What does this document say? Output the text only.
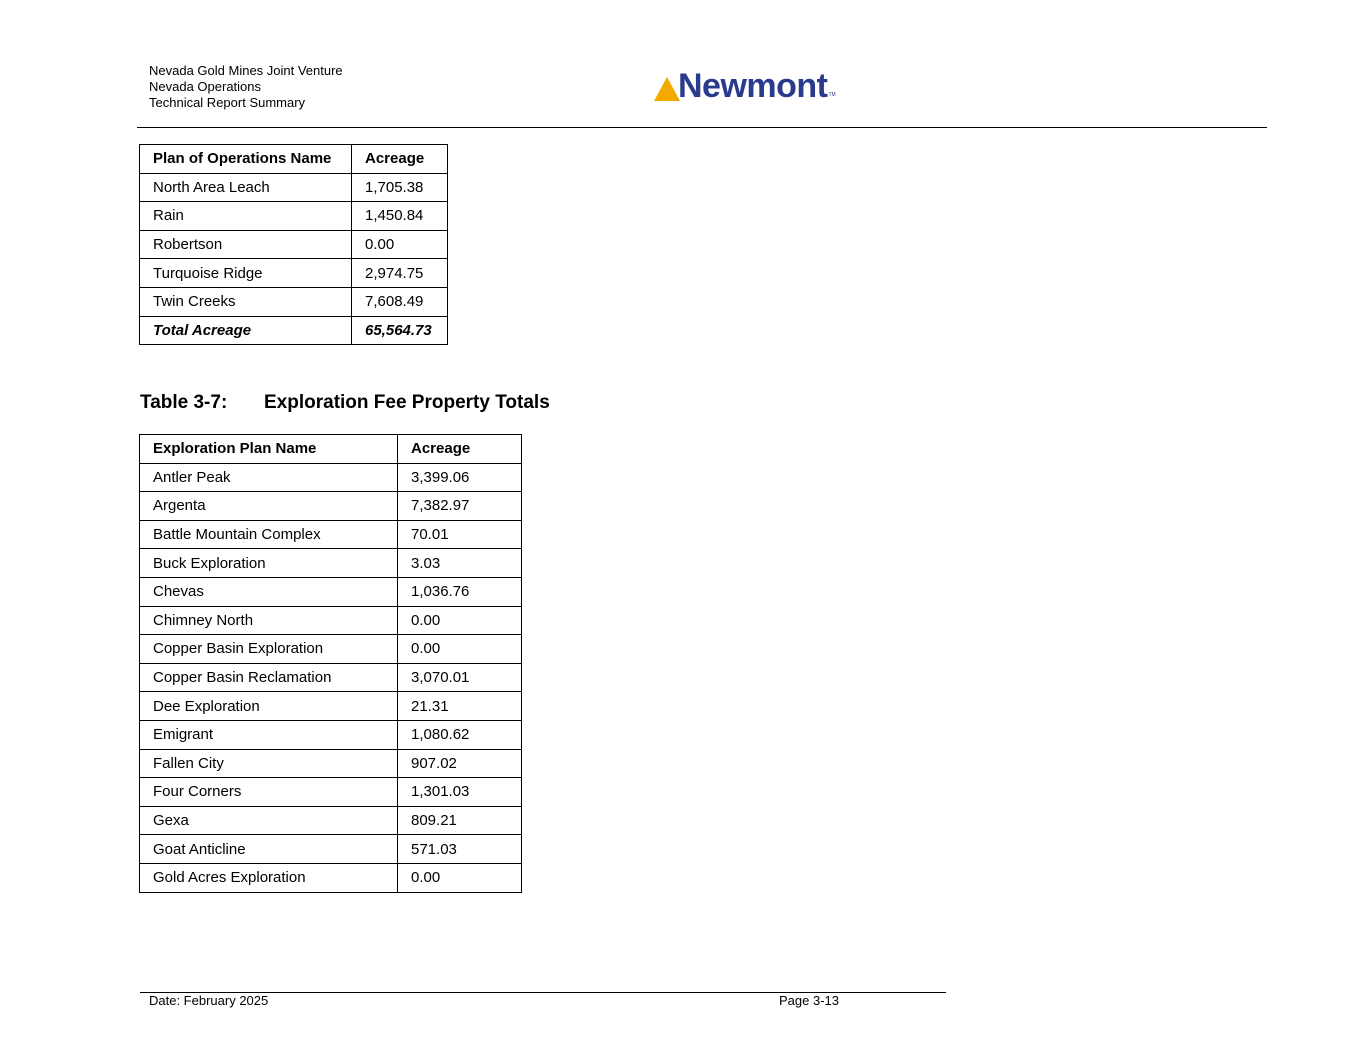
Nevada Gold Mines Joint Venture
Nevada Operations
Technical Report Summary	Newmont TM
Plan of Operations Name	Acreage
North Area Leach	1,705.38
Rain	1,450.84
Robertson	0.00
Turquoise Ridge	2,974.75
Twin Creeks	7,608.49
Total Acreage	65,564.73
Table 3-7: Exploration Fee Property Totals
Exploration Plan Name	Acreage
Antler Peak	3,399.06
Argenta	7,382.97
Battle Mountain Complex	70.01
Buck Exploration	3.03
Chevas	1,036.76
Chimney North	0.00
Copper Basin Exploration	0.00
Copper Basin Reclamation	3,070.01
Dee Exploration	21.31
Emigrant	1,080.62
Fallen City	907.02
Four Corners	1,301.03
Gexa	809.21
Goat Anticline	571.03
Gold Acres Exploration	0.00
Date: February 2025	Page 3-13
